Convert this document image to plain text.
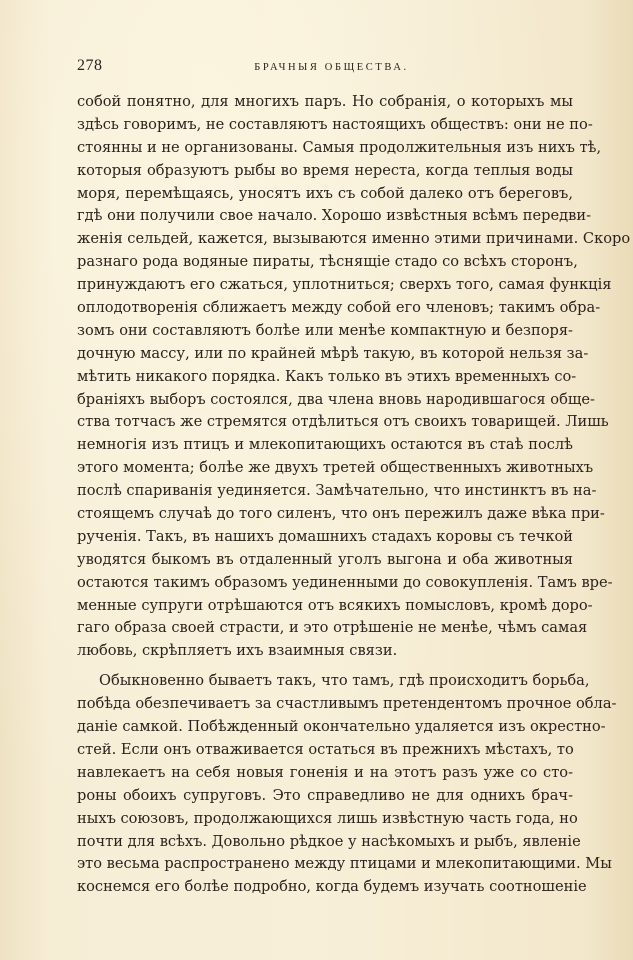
278	БРАЧНЫЯ ОБЩЕСТВА.
собой понятно, для многихъ паръ. Но собранія, о которыхъ мы
здѣсь говоримъ, не составляютъ настоящихъ обществъ: они не по-
стоянны и не организованы. Самыя продолжительныя изъ нихъ тѣ,
которыя образуютъ рыбы во время нереста, когда теплыя воды
моря, перемѣщаясь, уносятъ ихъ съ собой далеко отъ береговъ,
гдѣ они получили свое начало. Хорошо извѣстныя всѣмъ передви-
женія сельдей, кажется, вызываются именно этими причинами. Скоро
разнаго рода водяные пираты, тѣснящіе стадо со всѣхъ сторонъ,
принуждаютъ его сжаться, уплотниться; сверхъ того, самая функція
оплодотворенія сближаетъ между собой его членовъ; такимъ обра-
зомъ они составляютъ болѣе или менѣе компактную и безпоря-
дочную массу, или по крайней мѣрѣ такую, въ которой нельзя за-
мѣтить никакого порядка. Какъ только въ этихъ временныхъ со-
браніяхъ выборъ состоялся, два члена вновь народившагося обще-
ства тотчасъ же стремятся отдѣлиться отъ своихъ товарищей. Лишь
немногія изъ птицъ и млекопитающихъ остаются въ стаѣ послѣ
этого момента; болѣе же двухъ третей общественныхъ животныхъ
послѣ спариванія уединяется. Замѣчательно, что инстинктъ въ на-
стоящемъ случаѣ до того силенъ, что онъ пережилъ даже вѣка при-
рученія. Такъ, въ нашихъ домашнихъ стадахъ коровы съ течкой
уводятся быкомъ въ отдаленный уголъ выгона и оба животныя
остаются такимъ образомъ уединенными до совокупленія. Тамъ вре-
менные супруги отрѣшаются отъ всякихъ помысловъ, кромѣ доро-
гаго образа своей страсти, и это отрѣшеніе не менѣе, чѣмъ самая
любовь, скрѣпляетъ ихъ взаимныя связи.
Обыкновенно бываетъ такъ, что тамъ, гдѣ происходитъ борьба,
побѣда обезпечиваетъ за счастливымъ претендентомъ прочное обла-
даніе самкой. Побѣжденный окончательно удаляется изъ окрестно-
стей. Если онъ отваживается остаться въ прежнихъ мѣстахъ, то
навлекаетъ на себя новыя гоненія и на этотъ разъ уже со сто-
роны обоихъ супруговъ. Это справедливо не для однихъ брач-
ныхъ союзовъ, продолжающихся лишь извѣстную часть года, но
почти для всѣхъ. Довольно рѣдкое у насѣкомыхъ и рыбъ, явленіе
это весьма распространено между птицами и млекопитающими. Мы
коснемся его болѣе подробно, когда будемъ изучать соотношеніе
